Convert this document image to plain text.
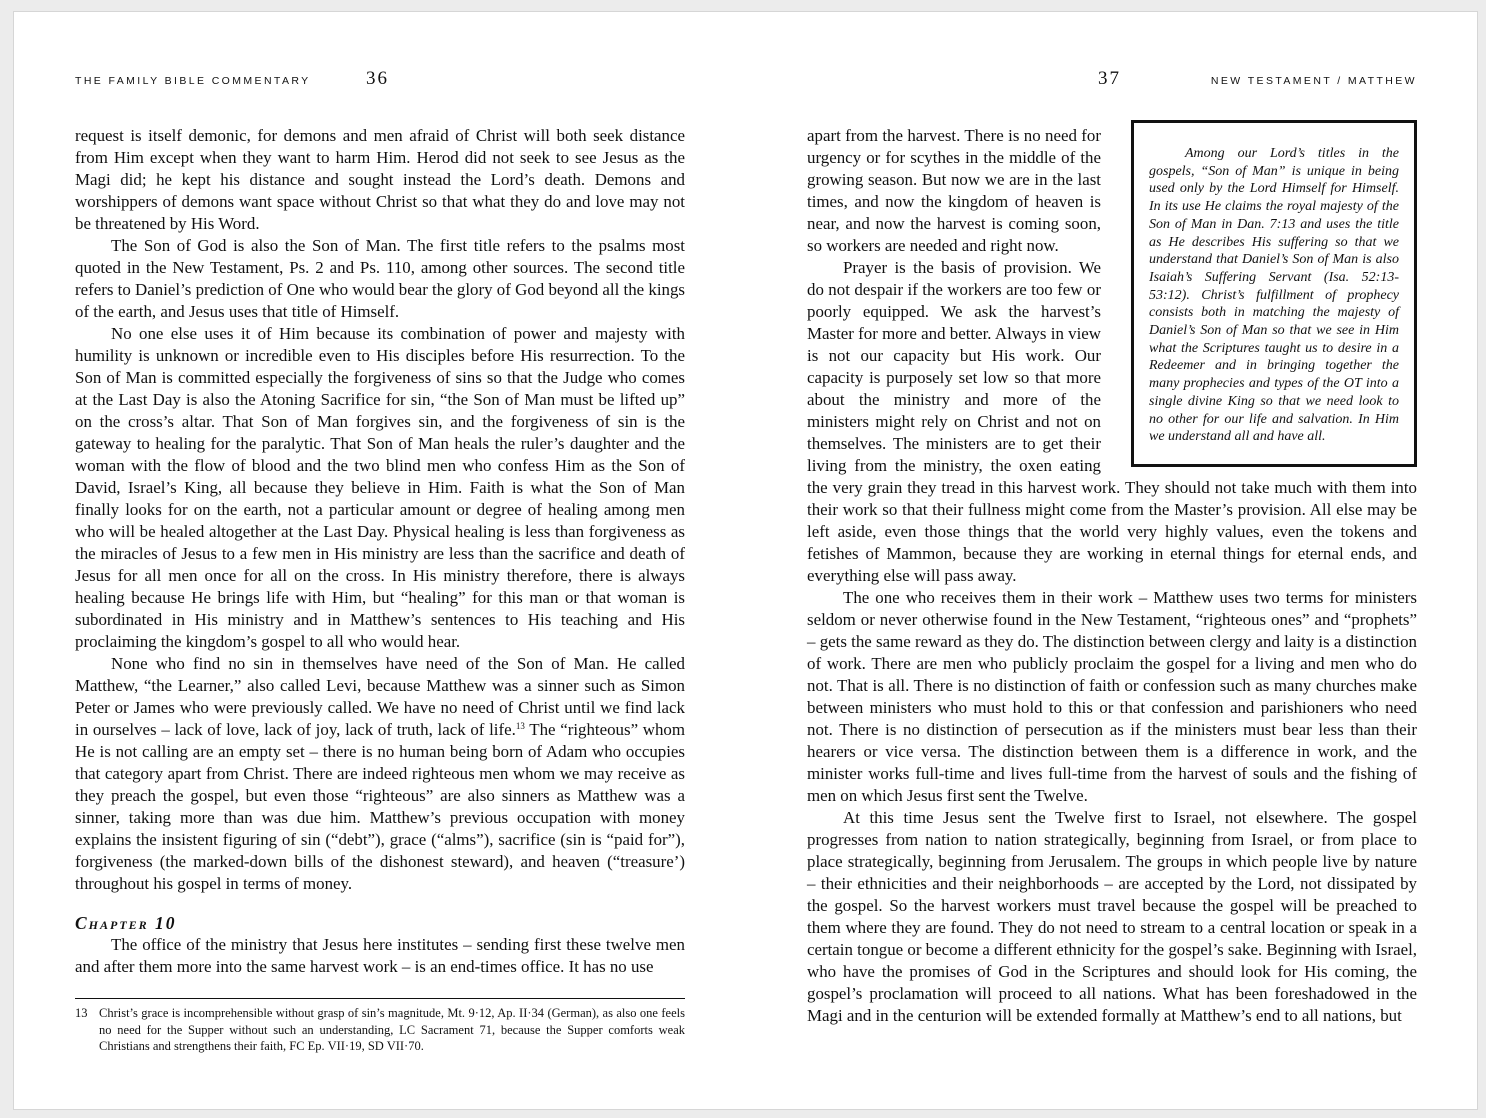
THE FAMILY BIBLE COMMENTARY	36

request is itself demonic, for demons and men afraid of Christ will both seek distance from Him except when they want to harm Him. Herod did not seek to see Jesus as the Magi did; he kept his distance and sought instead the Lord’s death. Demons and worshippers of demons want space without Christ so that what they do and love may not be threatened by His Word.

The Son of God is also the Son of Man. The first title refers to the psalms most quoted in the New Testament, Ps. 2 and Ps. 110, among other sources. The second title refers to Daniel’s prediction of One who would bear the glory of God beyond all the kings of the earth, and Jesus uses that title of Himself.

No one else uses it of Him because its combination of power and majesty with humility is unknown or incredible even to His disciples before His resurrection. To the Son of Man is committed especially the forgiveness of sins so that the Judge who comes at the Last Day is also the Atoning Sacrifice for sin, “the Son of Man must be lifted up” on the cross’s altar. That Son of Man forgives sin, and the forgiveness of sin is the gateway to healing for the paralytic. That Son of Man heals the ruler’s daughter and the woman with the flow of blood and the two blind men who confess Him as the Son of David, Israel’s King, all because they believe in Him. Faith is what the Son of Man finally looks for on the earth, not a particular amount or degree of healing among men who will be healed altogether at the Last Day. Physical healing is less than forgiveness as the miracles of Jesus to a few men in His ministry are less than the sacrifice and death of Jesus for all men once for all on the cross. In His ministry therefore, there is always healing because He brings life with Him, but “healing” for this man or that woman is subordinated in His ministry and in Matthew’s sentences to His teaching and His proclaiming the kingdom’s gospel to all who would hear.

None who find no sin in themselves have need of the Son of Man. He called Matthew, “the Learner,” also called Levi, because Matthew was a sinner such as Simon Peter or James who were previously called. We have no need of Christ until we find lack in ourselves – lack of love, lack of joy, lack of truth, lack of life.$^{13}$ The “righteous” whom He is not calling are an empty set – there is no human being born of Adam who occupies that category apart from Christ. There are indeed righteous men whom we may receive as they preach the gospel, but even those “righteous” are also sinners as Matthew was a sinner, taking more than was due him. Matthew’s previous occupation with money explains the insistent figuring of sin (“debt”), grace (“alms”), sacrifice (sin is “paid for”), forgiveness (the marked-down bills of the dishonest steward), and heaven (“treasure’) throughout his gospel in terms of money.

Chapter 10

The office of the ministry that Jesus here institutes – sending first these twelve men and after them more into the same harvest work – is an end-times office. It has no use

13 Christ’s grace is incomprehensible without grasp of sin’s magnitude, Mt. 9·12, Ap. II·34 (German), as also one feels no need for the Supper without such an understanding, LC Sacrament 71, because the Supper comforts weak Christians and strengthens their faith, FC Ep. VII·19, SD VII·70.
37	NEW TESTAMENT / MATTHEW
Among our Lord’s titles in the gospels, “Son of Man” is unique in being used only by the Lord Himself for Himself. In its use He claims the royal majesty of the Son of Man in Dan. 7:13 and uses the title as He describes His suffering so that we understand that Daniel’s Son of Man is also Isaiah’s Suffering Servant (Isa. 52:13-53:12). Christ’s fulfillment of prophecy consists both in matching the majesty of Daniel’s Son of Man so that we see in Him what the Scriptures taught us to desire in a Redeemer and in bringing together the many prophecies and types of the OT into a single divine King so that we need look to no other for our life and salvation. In Him we understand all and have all.

apart from the harvest. There is no need for urgency or for scythes in the middle of the growing season. But now we are in the last times, and now the kingdom of heaven is near, and now the harvest is coming soon, so workers are needed and right now.

Prayer is the basis of provision. We do not despair if the workers are too few or poorly equipped. We ask the harvest’s Master for more and better. Always in view is not our capacity but His work. Our capacity is purposely set low so that more about the ministry and more of the ministers might rely on Christ and not on themselves. The ministers are to get their living from the ministry, the oxen eating the very grain they tread in this harvest work. They should not take much with them into their work so that their fullness might come from the Master’s provision. All else may be left aside, even those things that the world very highly values, even the tokens and fetishes of Mammon, because they are working in eternal things for eternal ends, and everything else will pass away.

The one who receives them in their work – Matthew uses two terms for ministers seldom or never otherwise found in the New Testament, “righteous ones” and “prophets” – gets the same reward as they do. The distinction between clergy and laity is a distinction of work. There are men who publicly proclaim the gospel for a living and men who do not. That is all. There is no distinction of faith or confession such as many churches make between ministers who must hold to this or that confession and parishioners who need not. There is no distinction of persecution as if the ministers must bear less than their hearers or vice versa. The distinction between them is a difference in work, and the minister works full-time and lives full-time from the harvest of souls and the fishing of men on which Jesus first sent the Twelve.

At this time Jesus sent the Twelve first to Israel, not elsewhere. The gospel progresses from nation to nation strategically, beginning from Israel, or from place to place strategically, beginning from Jerusalem. The groups in which people live by nature – their ethnicities and their neighborhoods – are accepted by the Lord, not dissipated by the gospel. So the harvest workers must travel because the gospel will be preached to them where they are found. They do not need to stream to a central location or speak in a certain tongue or become a different ethnicity for the gospel’s sake. Beginning with Israel, who have the promises of God in the Scriptures and should look for His coming, the gospel’s proclamation will proceed to all nations. What has been foreshadowed in the Magi and in the centurion will be extended formally at Matthew’s end to all nations, but
